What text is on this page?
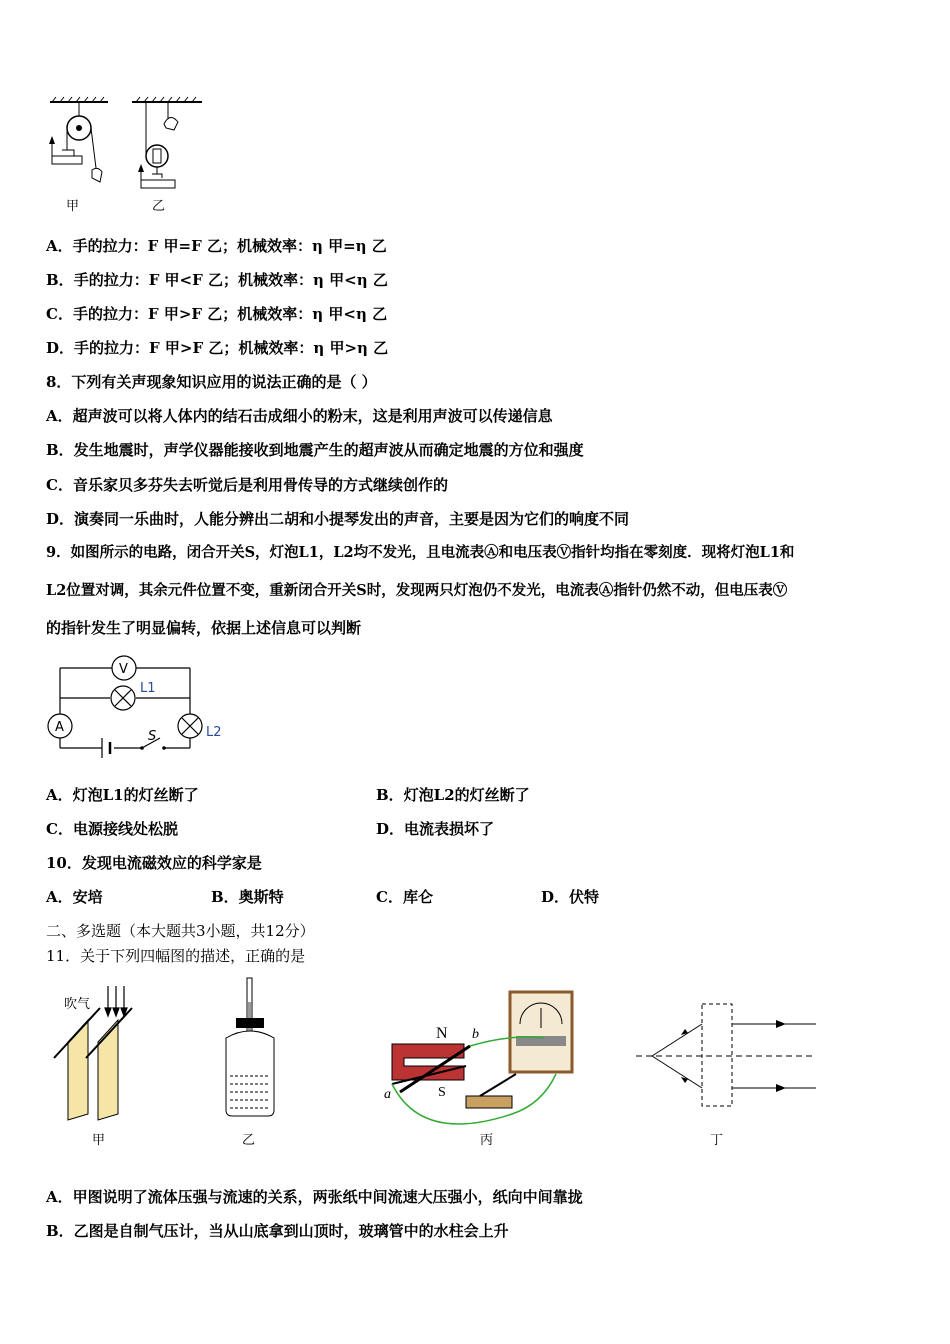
甲	乙
A．手的拉力：F 甲=F 乙；机械效率：η 甲=η 乙
B．手的拉力：F 甲<F 乙；机械效率：η 甲<η 乙
C．手的拉力：F 甲>F 乙；机械效率：η 甲<η 乙
D．手的拉力：F 甲>F 乙；机械效率：η 甲>η 乙
8．下列有关声现象知识应用的说法正确的是（ ）
A．超声波可以将人体内的结石击成细小的粉末，这是利用声波可以传递信息
B．发生地震时，声学仪器能接收到地震产生的超声波从而确定地震的方位和强度
C．音乐家贝多芬失去听觉后是利用骨传导的方式继续创作的
D．演奏同一乐曲时，人能分辨出二胡和小提琴发出的声音，主要是因为它们的响度不同
9．如图所示的电路，闭合开关S，灯泡L1，L2均不发光，且电流表Ⓐ和电压表Ⓥ指针均指在零刻度．现将灯泡L1和
L2位置对调，其余元件位置不变，重新闭合开关S时，发现两只灯泡仍不发光，电流表Ⓐ指针仍然不动，但电压表Ⓥ
的指针发生了明显偏转，依据上述信息可以判断
V
A
L1
L2
S
A．灯泡L1的灯丝断了	B．灯泡L2的灯丝断了
C．电源接线处松脱	D．电流表损坏了
10．发现电流磁效应的科学家是
A．安培	B．奥斯特	C．库仑	D．伏特
二、多选题（本大题共3小题，共12分）
11．关于下列四幅图的描述，正确的是
吹气
甲	乙
N
S
b
a
丙	丁
A．甲图说明了流体压强与流速的关系，两张纸中间流速大压强小，纸向中间靠拢
B．乙图是自制气压计，当从山底拿到山顶时，玻璃管中的水柱会上升
